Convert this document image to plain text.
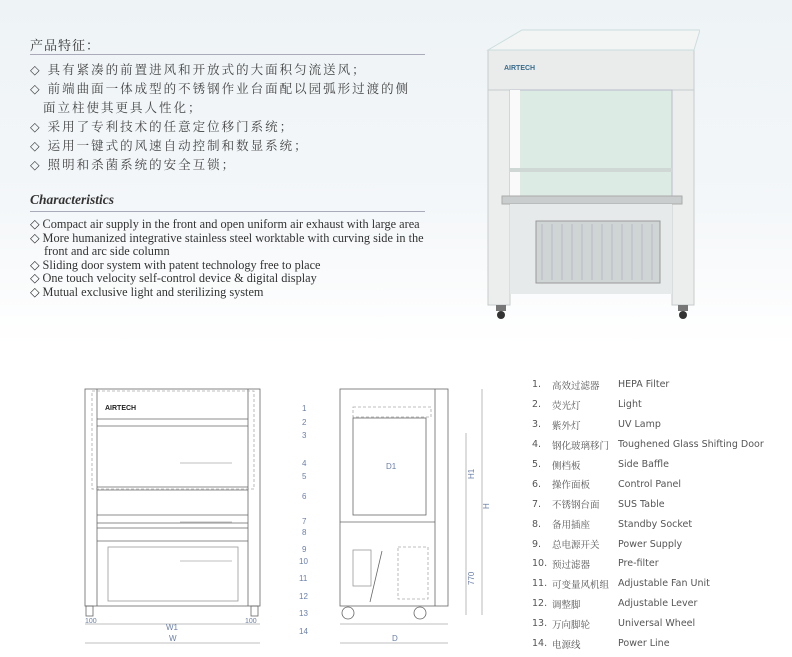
产品特征：
◇ 具有紧凑的前置进风和开放式的大面积匀流送风；
◇ 前端曲面一体成型的不锈钢作业台面配以园弧形过渡的侧
面立柱使其更具人性化；
◇ 采用了专利技术的任意定位移门系统；
◇ 运用一键式的风速自动控制和数显系统；
◇ 照明和杀菌系统的安全互锁；
Characteristics
◇ Compact air supply in the front and open uniform air exhaust with large area
◇ More humanized integrative stainless steel worktable with curving side in the front and arc side column
◇ Sliding door system with patent technology free to place
◇ One touch velocity self-control device & digital display
◇ Mutual exclusive light and sterilizing system
AIRTECH
AIRTECH
100	100
W1
W
1
2
3
4
5
6
7
8
9
10
11
12
13
14
D1
D
H1
H
770
1.	高效过滤器	HEPA Filter
2.	荧光灯	Light
3.	紫外灯	UV Lamp
4.	钢化玻璃移门 Toughened Glass Shifting Door
5.	侧档板	Side Baffle
6.	操作面板	Control Panel
7.	不锈钢台面	SUS Table
8.	备用插座	Standby Socket
9.	总电源开关	Power Supply
10. 预过滤器	Pre-filter
11. 可变量风机组 Adjustable Fan Unit
12. 调整脚	Adjustable Lever
13. 万向脚轮	Universal Wheel
14. 电源线	Power Line
